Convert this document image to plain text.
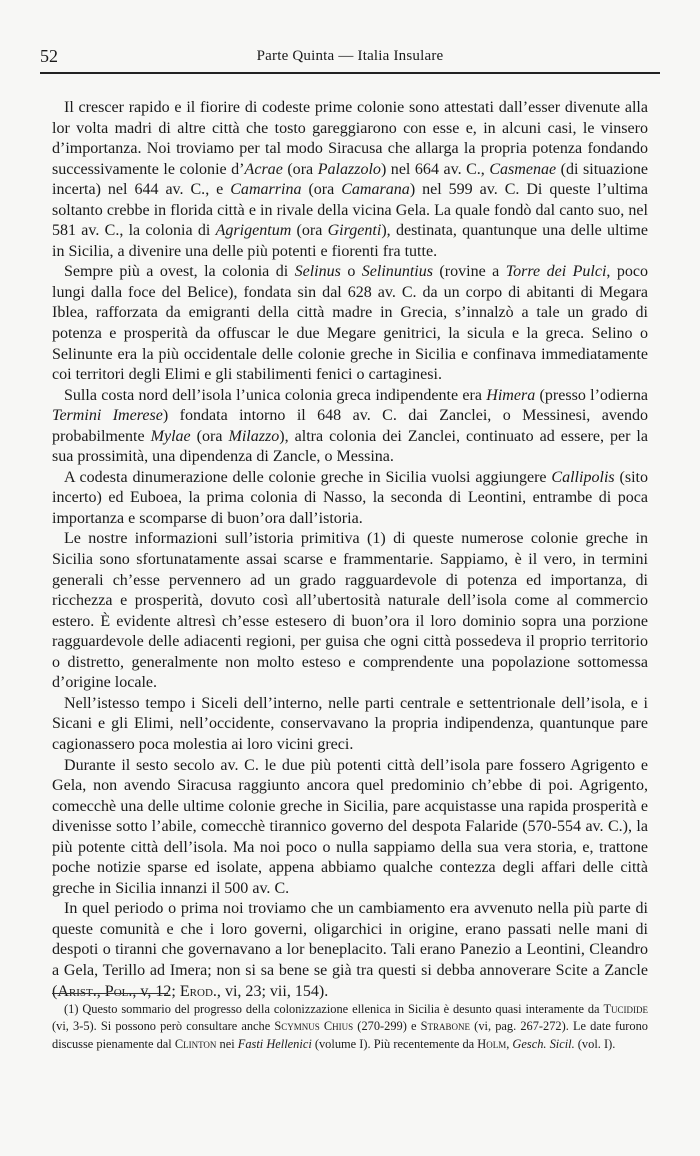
52	Parte Quinta — Italia Insulare

Il crescer rapido e il fiorire di codeste prime colonie sono attestati dall’esser divenute alla lor volta madri di altre città che tosto gareggiarono con esse e, in alcuni casi, le vinsero d’importanza. Noi troviamo per tal modo Siracusa che allarga la propria potenza fondando successivamente le colonie d’Acrae (ora Palazzolo) nel 664 av. C., Casmenae (di situazione incerta) nel 644 av. C., e Camarrina (ora Camarana) nel 599 av. C. Di queste l’ultima soltanto crebbe in florida città e in rivale della vicina Gela. La quale fondò dal canto suo, nel 581 av. C., la colonia di Agrigentum (ora Girgenti), destinata, quantunque una delle ultime in Sicilia, a divenire una delle più potenti e fiorenti fra tutte.

Sempre più a ovest, la colonia di Selinus o Selinuntius (rovine a Torre dei Pulci, poco lungi dalla foce del Belice), fondata sin dal 628 av. C. da un corpo di abitanti di Megara Iblea, rafforzata da emigranti della città madre in Grecia, s’innalzò a tale un grado di potenza e prosperità da offuscar le due Megare genitrici, la sicula e la greca. Selino o Selinunte era la più occidentale delle colonie greche in Sicilia e confinava immediatamente coi territori degli Elimi e gli stabilimenti fenici o cartaginesi.

Sulla costa nord dell’isola l’unica colonia greca indipendente era Himera (presso l’odierna Termini Imerese) fondata intorno il 648 av. C. dai Zanclei, o Messinesi, avendo probabilmente Mylae (ora Milazzo), altra colonia dei Zanclei, continuato ad essere, per la sua prossimità, una dipendenza di Zancle, o Messina.

A codesta dinumerazione delle colonie greche in Sicilia vuolsi aggiungere Callipolis (sito incerto) ed Euboea, la prima colonia di Nasso, la seconda di Leontini, entrambe di poca importanza e scomparse di buon’ora dall’istoria.

Le nostre informazioni sull’istoria primitiva (1) di queste numerose colonie greche in Sicilia sono sfortunatamente assai scarse e frammentarie. Sappiamo, è il vero, in termini generali ch’esse pervennero ad un grado ragguardevole di potenza ed importanza, di ricchezza e prosperità, dovuto così all’ubertosità naturale dell’isola come al commercio estero. È evidente altresì ch’esse estesero di buon’ora il loro dominio sopra una porzione ragguardevole delle adiacenti regioni, per guisa che ogni città possedeva il proprio territorio o distretto, generalmente non molto esteso e comprendente una popolazione sottomessa d’origine locale.

Nell’istesso tempo i Siceli dell’interno, nelle parti centrale e settentrionale dell’isola, e i Sicani e gli Elimi, nell’occidente, conservavano la propria indipendenza, quantunque pare cagionassero poca molestia ai loro vicini greci.

Durante il sesto secolo av. C. le due più potenti città dell’isola pare fossero Agrigento e Gela, non avendo Siracusa raggiunto ancora quel predominio ch’ebbe di poi. Agrigento, comecchè una delle ultime colonie greche in Sicilia, pare acquistasse una rapida prosperità e divenisse sotto l’abile, comecchè tirannico governo del despota Falaride (570-554 av. C.), la più potente città dell’isola. Ma noi poco o nulla sappiamo della sua vera storia, e, trattone poche notizie sparse ed isolate, appena abbiamo qualche contezza degli affari delle città greche in Sicilia innanzi il 500 av. C.

In quel periodo o prima noi troviamo che un cambiamento era avvenuto nella più parte di queste comunità e che i loro governi, oligarchici in origine, erano passati nelle mani di despoti o tiranni che governavano a lor beneplacito. Tali erano Panezio a Leontini, Cleandro a Gela, Terillo ad Imera; non si sa bene se già tra questi si debba annoverare Scite a Zancle (Arist., Pol., v, 12; Erod., vi, 23; vii, 154).

(1) Questo sommario del progresso della colonizzazione ellenica in Sicilia è desunto quasi interamente da Tucidide (vi, 3-5). Si possono però consultare anche Scymnus Chius (270-299) e Strabone (vi, pag. 267-272). Le date furono discusse pienamente dal Clinton nei Fasti Hellenici (volume I). Più recentemente da Holm, Gesch. Sicil. (vol. I).
